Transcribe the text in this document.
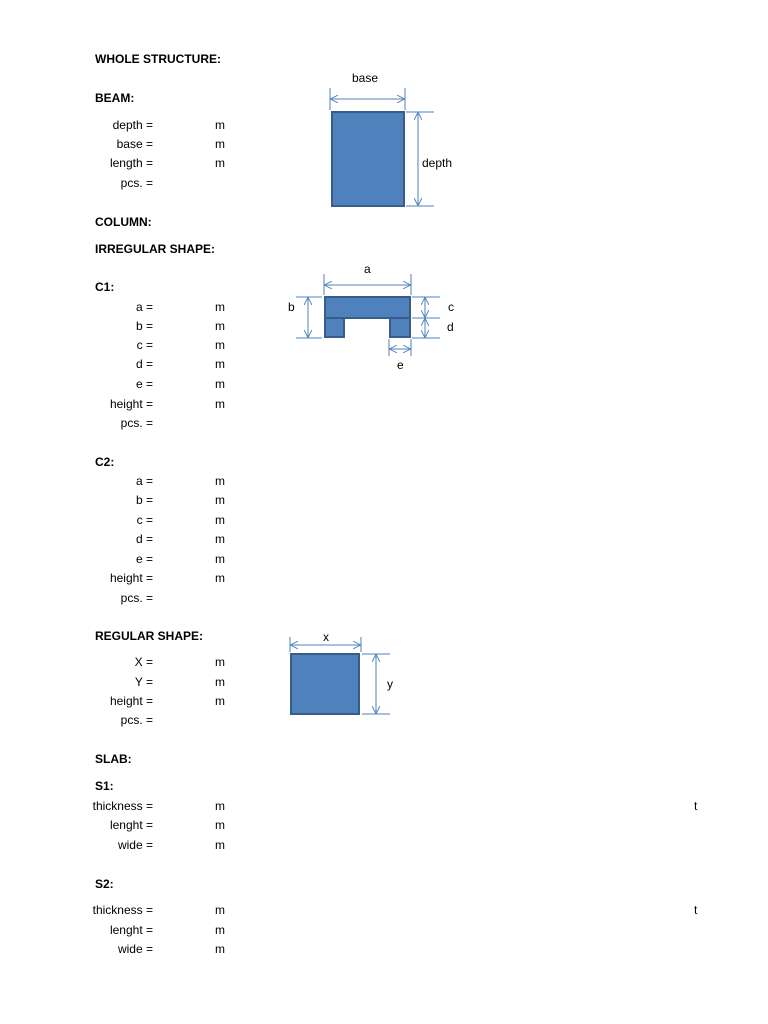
WHOLE STRUCTURE:
BEAM:
depth =	m
base =	m
length =	m
pcs. =
COLUMN:
IRREGULAR SHAPE:
C1:
a =	m
b =	m
c =	m
d =	m
e =	m
height =	m
pcs. =
C2:
a =	m
b =	m
c =	m
d =	m
e =	m
height =	m
pcs. =
REGULAR SHAPE:
X =	m
Y =	m
height =	m
pcs. =
SLAB:
S1:
thickness =	m	t
lenght =	m
wide =	m
S2:
thickness =	m	t
lenght =	m
wide =	m
base
depth
a
b	c
d
e
x
y
